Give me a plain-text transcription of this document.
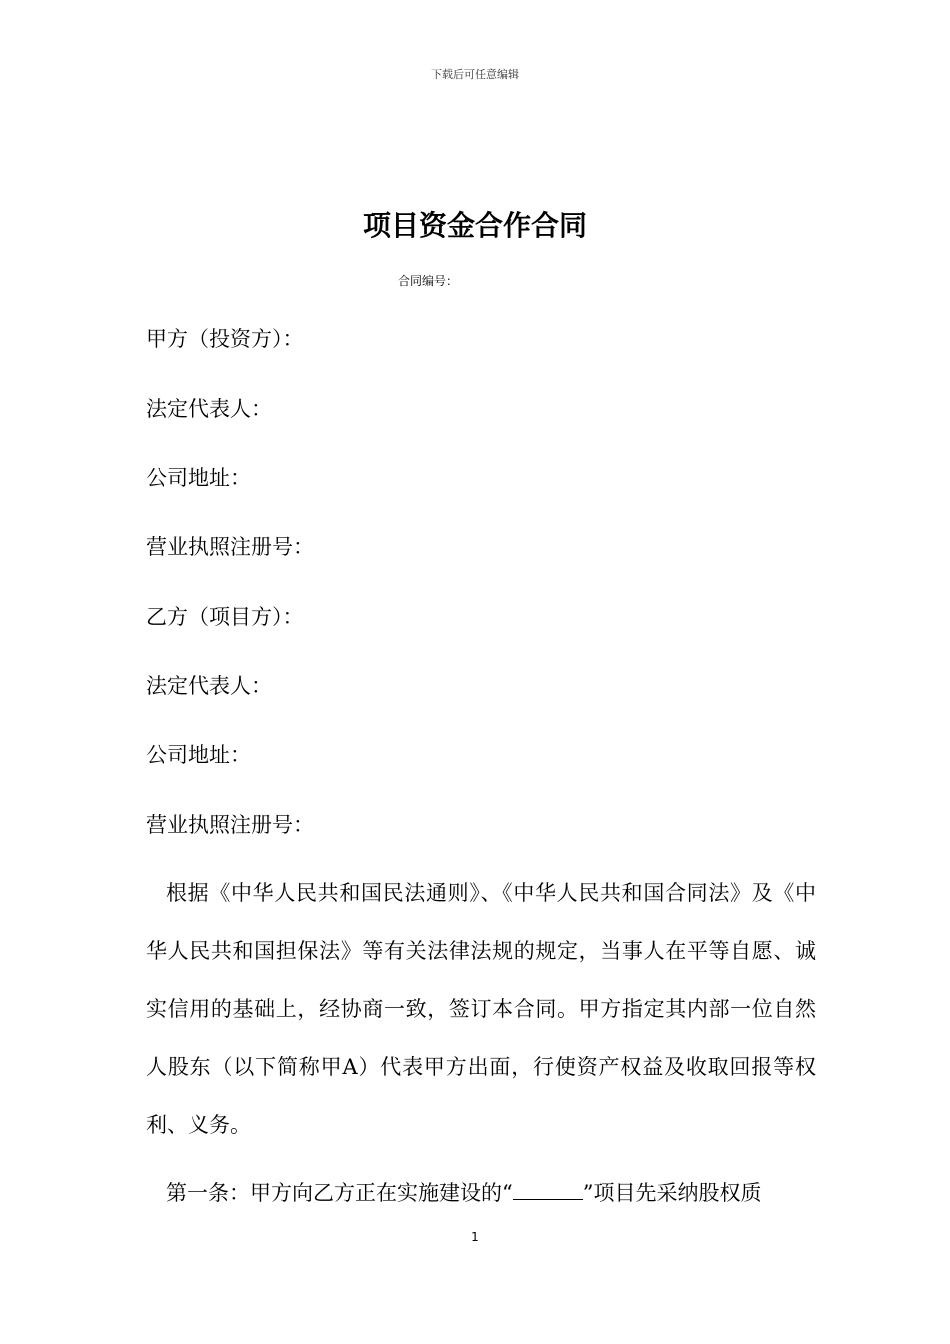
下载后可任意编辑
项目资金合作合同
合同编号：
甲方（投资方）：
法定代表人：
公司地址：
营业执照注册号：
乙方（项目方）：
法定代表人：
公司地址：
营业执照注册号：
根据《中华人民共和国民法通则》、《中华人民共和国合同法》及《中华人民共和国担保法》等有关法律法规的规定，当事人在平等自愿、诚实信用的基础上，经协商一致，签订本合同。甲方指定其内部一位自然人股东（以下简称甲A）代表甲方出面，行使资产权益及收取回报等权利、义务。
第一条：甲方向乙方正在实施建设的“	”项目先采纳股权质
1
